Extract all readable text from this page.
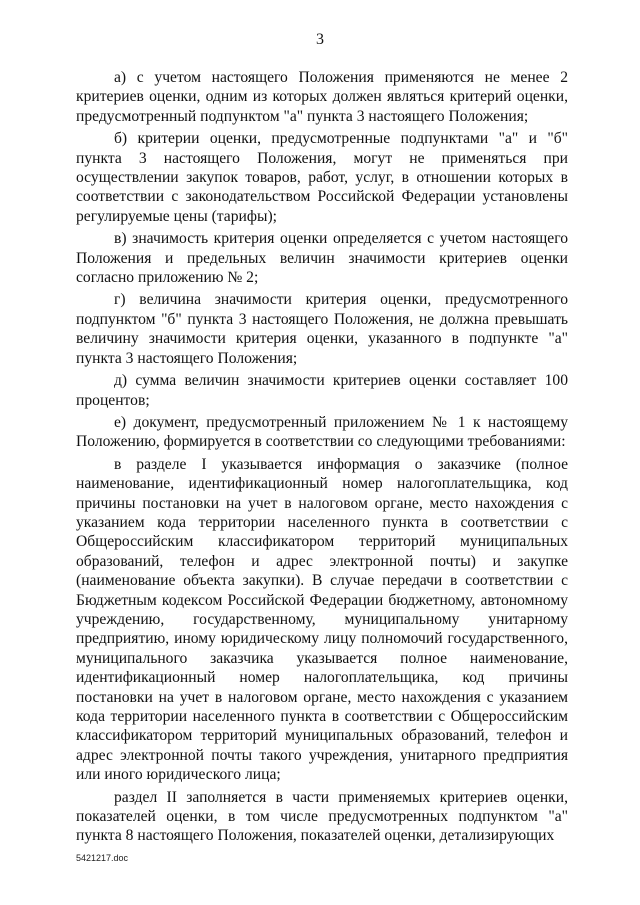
3

а) с учетом настоящего Положения применяются не менее 2 критериев оценки, одним из которых должен являться критерий оценки, предусмотренный подпунктом "а" пункта 3 настоящего Положения;

б) критерии оценки, предусмотренные подпунктами "а" и "б" пункта 3 настоящего Положения, могут не применяться при осуществлении закупок товаров, работ, услуг, в отношении которых в соответствии с законодательством Российской Федерации установлены регулируемые цены (тарифы);

в) значимость критерия оценки определяется с учетом настоящего Положения и предельных величин значимости критериев оценки согласно приложению № 2;

г) величина значимости критерия оценки, предусмотренного подпунктом "б" пункта 3 настоящего Положения, не должна превышать величину значимости критерия оценки, указанного в подпункте "а" пункта 3 настоящего Положения;

д) сумма величин значимости критериев оценки составляет 100 процентов;

е) документ, предусмотренный приложением № 1 к настоящему Положению, формируется в соответствии со следующими требованиями:

в разделе I указывается информация о заказчике (полное наименование, идентификационный номер налогоплательщика, код причины постановки на учет в налоговом органе, место нахождения с указанием кода территории населенного пункта в соответствии с Общероссийским классификатором территорий муниципальных образований, телефон и адрес электронной почты) и закупке (наименование объекта закупки). В случае передачи в соответствии с Бюджетным кодексом Российской Федерации бюджетному, автономному учреждению, государственному, муниципальному унитарному предприятию, иному юридическому лицу полномочий государственного, муниципального заказчика указывается полное наименование, идентификационный номер налогоплательщика, код причины постановки на учет в налоговом органе, место нахождения с указанием кода территории населенного пункта в соответствии с Общероссийским классификатором территорий муниципальных образований, телефон и адрес электронной почты такого учреждения, унитарного предприятия или иного юридического лица;

раздел II заполняется в части применяемых критериев оценки, показателей оценки, в том числе предусмотренных подпунктом "а" пункта 8 настоящего Положения, показателей оценки, детализирующих

5421217.doc
